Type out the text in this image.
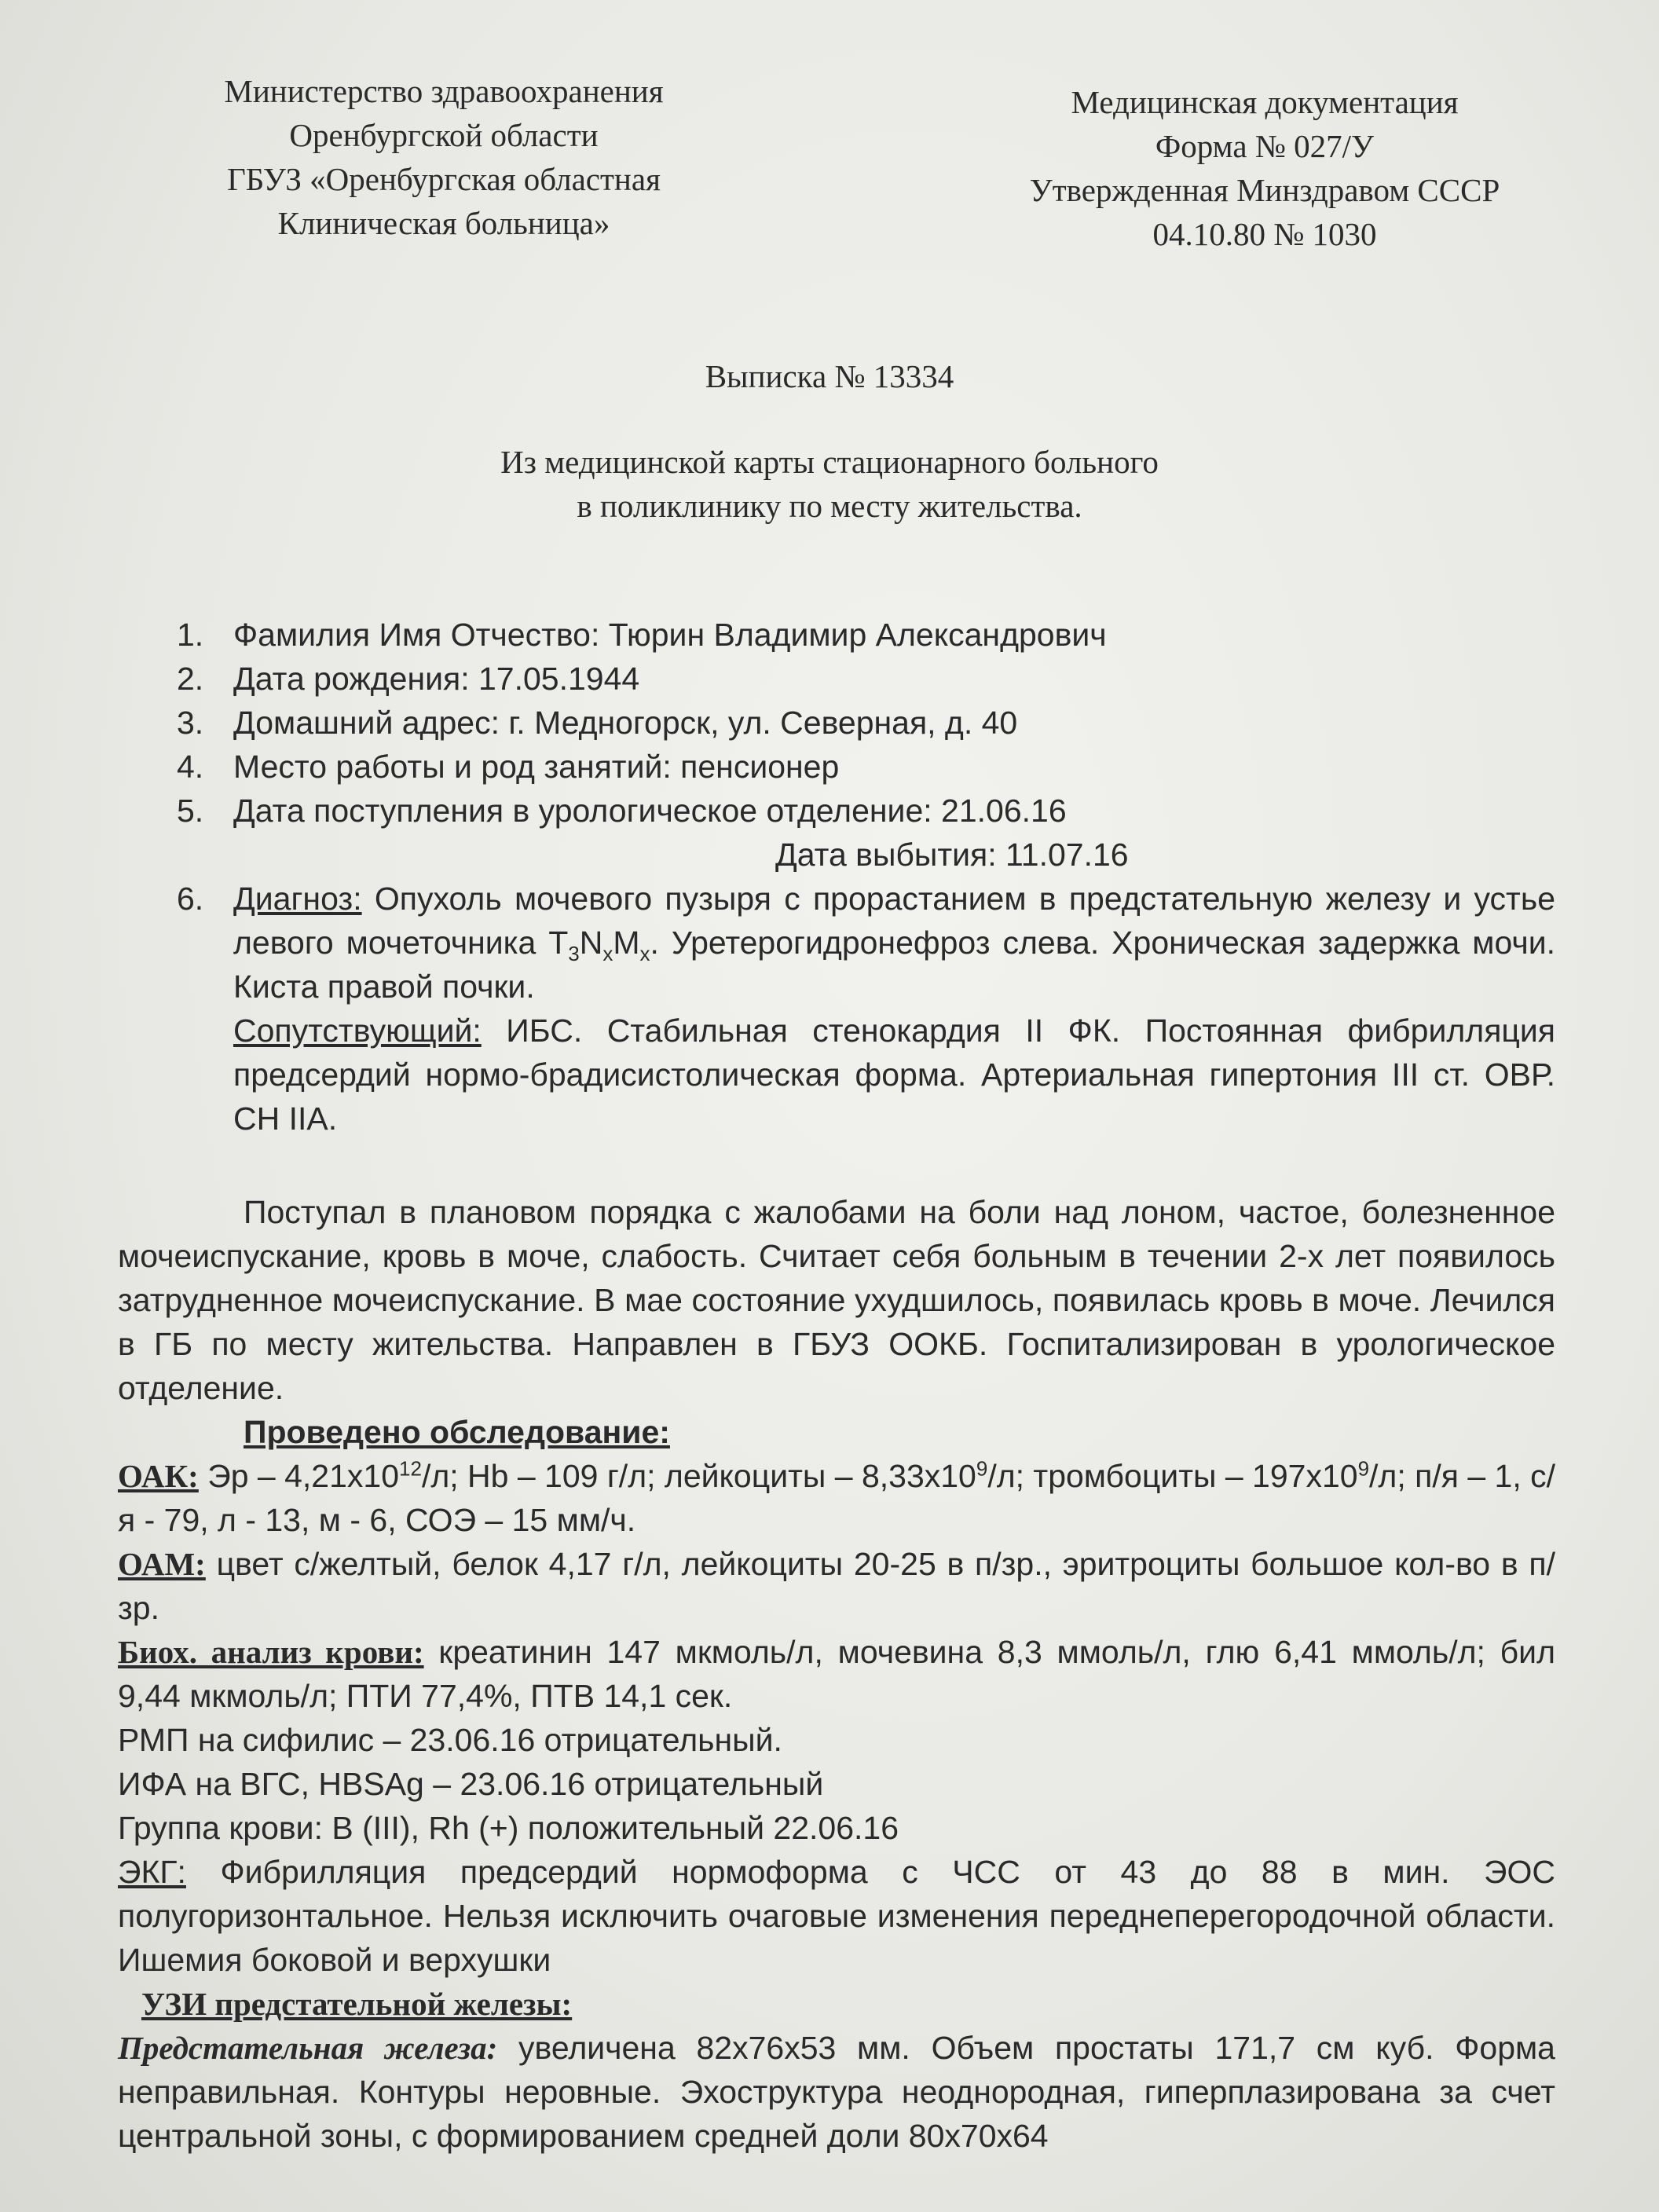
Министерство здравоохранения
Оренбургской области
ГБУЗ «Оренбургская областная
Клиническая больница»
Медицинская документация
Форма № 027/У
Утвержденная Минздравом СССР
04.10.80 № 1030
Выписка № 13334
Из медицинской карты стационарного больного
в поликлинику по месту жительства.
1. Фамилия Имя Отчество: Тюрин Владимир Александрович
2. Дата рождения: 17.05.1944
3. Домашний адрес: г. Медногорск, ул. Северная, д. 40
4. Место работы и род занятий: пенсионер
5. Дата поступления в урологическое отделение: 21.06.16
Дата выбытия: 11.07.16
6. Диагноз: Опухоль мочевого пузыря с прорастанием в предстательную железу и устье левого мочеточника $T_3N_xM_x$. Уретерогидронефроз слева. Хроническая задержка мочи. Киста правой почки.

Сопутствующий: ИБС. Стабильная стенокардия II ФК. Постоянная фибрилляция предсердий нормо-брадисистолическая форма. Артериальная гипертония III ст. ОВР. СН IIA.

Поступал в плановом порядка с жалобами на боли над лоном, частое, болезненное мочеиспускание, кровь в моче, слабость. Считает себя больным в течении 2-х лет появилось затрудненное мочеиспускание. В мае состояние ухудшилось, появилась кровь в моче. Лечился в ГБ по месту жительства. Направлен в ГБУЗ ООКБ. Госпитализирован в урологическое отделение.

Проведено обследование:

ОАК: Эр – $4,21x10^{12}/л$; Hb – 109 г/л; лейкоциты – $8,33x10^9/л$; тромбоциты – $197x10^9/л$; п/я – 1, с/я - 79, л - 13, м - 6, СОЭ – 15 мм/ч.

ОАМ: цвет с/желтый, белок 4,17 г/л, лейкоциты 20-25 в п/зр., эритроциты большое кол-во в п/зр.

Биох. анализ крови: креатинин 147 мкмоль/л, мочевина 8,3 ммоль/л, глю 6,41 ммоль/л; бил 9,44 мкмоль/л; ПТИ 77,4%, ПТВ 14,1 сек.

РМП на сифилис – 23.06.16 отрицательный.

ИФА на ВГС, HBSAg – 23.06.16 отрицательный

Группа крови: B (III), Rh (+) положительный 22.06.16

ЭКГ: Фибрилляция предсердий нормоформа с ЧСС от 43 до 88 в мин. ЭОС полугоризонтальное. Нельзя исключить очаговые изменения переднеперегородочной области. Ишемия боковой и верхушки

УЗИ предстательной железы:

Предстательная железа: увеличена 82x76x53 мм. Объем простаты 171,7 см куб. Форма неправильная. Контуры неровные. Эхоструктура неоднородная, гиперплазирована за счет центральной зоны, с формированием средней доли 80x70x64
